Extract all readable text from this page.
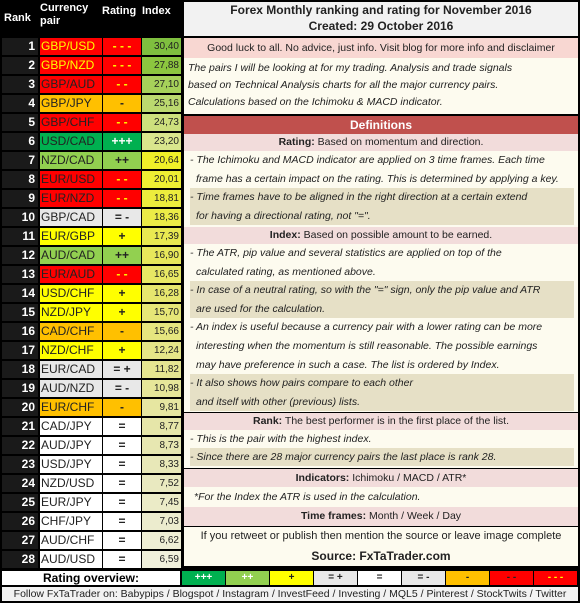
Rank
Currency pair
Rating Index
1 GBP/USD	- - -	30,40
2 GBP/NZD	- - -	27,88
3 GBP/AUD	- -	27,10
4 GBP/JPY	-	25,16
5 GBP/CHF	- -	24,73
6 USD/CAD	+++	23,20
7 NZD/CAD	++	20,64
8 EUR/USD	- -	20,01
9 EUR/NZD	- -	18,81
10 GBP/CAD	= -	18,36
11 EUR/GBP	+	17,39
12 AUD/CAD	++	16,90
13 EUR/AUD	- -	16,65
14 USD/CHF	+	16,28
15 NZD/JPY	+	15,70
16 CAD/CHF	-	15,66
17 NZD/CHF	+	12,24
18 EUR/CAD	= +	11,82
19 AUD/NZD	= -	10,98
20 EUR/CHF	-	9,81
21 CAD/JPY	=	8,77
22 AUD/JPY	=	8,73
23 USD/JPY	=	8,33
24 NZD/USD	=	7,52
25 EUR/JPY	=	7,45
26 CHF/JPY	=	7,03
27 AUD/CHF	=	6,62
28 AUD/USD	=	6,59
Forex Monthly ranking and rating for November 2016
Created: 29 October 2016
Good luck to all. No advice, just info. Visit blog for more info and disclaimer
The pairs I will be looking at for my trading. Analysis and trade signals
based on Technical Analysis charts for all the major currency pairs.
Calculations based on the Ichimoku & MACD indicator.
Definitions
Rating: Based on momentum and direction.
- The Ichimoku and MACD indicator are applied on 3 time frames. Each time
frame has a certain impact on the rating. This is determined by applying a key.
- Time frames have to be aligned in the right direction at a certain extend
for having a directional rating, not "=".
Index: Based on possible amount to be earned.
- The ATR, pip value and several statistics are applied on top of the
calculated rating, as mentioned above.
- In case of a neutral rating, so with the "=" sign, only the pip value and ATR
are used for the calculation.
- An index is useful because a currency pair with a lower rating can be more
interesting when the momentum is still reasonable. The possible earnings
may have preference in such a case. The list is ordered by Index.
- It also shows how pairs compare to each other
and itself with other (previous) lists.
Rank: The best performer is in the first place of the list.
- This is the pair with the highest index.
- Since there are 28 major currency pairs the last place is rank 28.
Indicators: Ichimoku / MACD / ATR*
*For the Index the ATR is used in the calculation.
Time frames: Month / Week / Day
If you retweet or publish then mention the source or leave image complete
Source: FxTaTrader.com
Rating overview:	+++	++	+	= +	=	= -	-	- -	- - -
Follow FxTaTrader on: Babypips / Blogspot / Instagram / InvestFeed / Investing / MQL5 / Pinterest / StockTwits / Twitter
